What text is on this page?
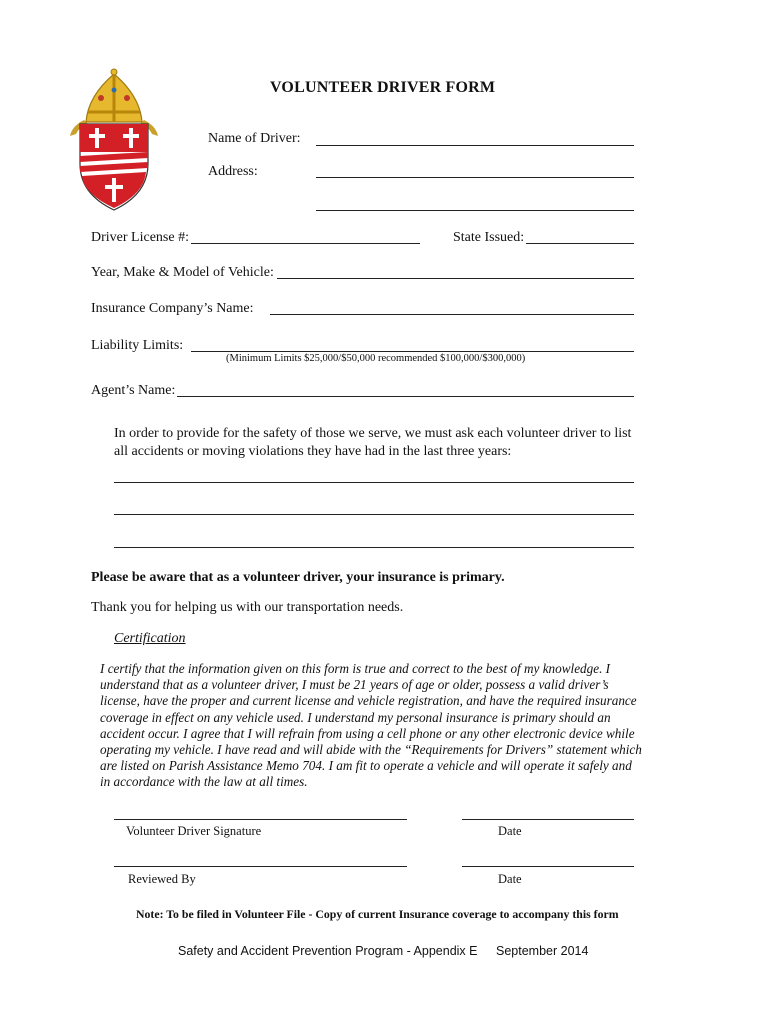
VOLUNTEER DRIVER FORM
Name of Driver:
Address:
Driver License #:	State Issued:
Year, Make & Model of Vehicle:
Insurance Company’s Name:
Liability Limits:
(Minimum Limits $25,000/$50,000 recommended $100,000/$300,000)
Agent’s Name:
In order to provide for the safety of those we serve, we must ask each volunteer driver to list
all accidents or moving violations they have had in the last three years:
Please be aware that as a volunteer driver, your insurance is primary.
Thank you for helping us with our transportation needs.
Certification
I certify that the information given on this form is true and correct to the best of my knowledge. I
understand that as a volunteer driver, I must be 21 years of age or older, possess a valid driver’s
license, have the proper and current license and vehicle registration, and have the required insurance
coverage in effect on any vehicle used. I understand my personal insurance is primary should an
accident occur. I agree that I will refrain from using a cell phone or any other electronic device while
operating my vehicle. I have read and will abide with the “Requirements for Drivers” statement which
are listed on Parish Assistance Memo 704. I am fit to operate a vehicle and will operate it safely and
in accordance with the law at all times.
Volunteer Driver Signature	Date
Reviewed By	Date
Note: To be filed in Volunteer File - Copy of current Insurance coverage to accompany this form
Safety and Accident Prevention Program - Appendix E September 2014
